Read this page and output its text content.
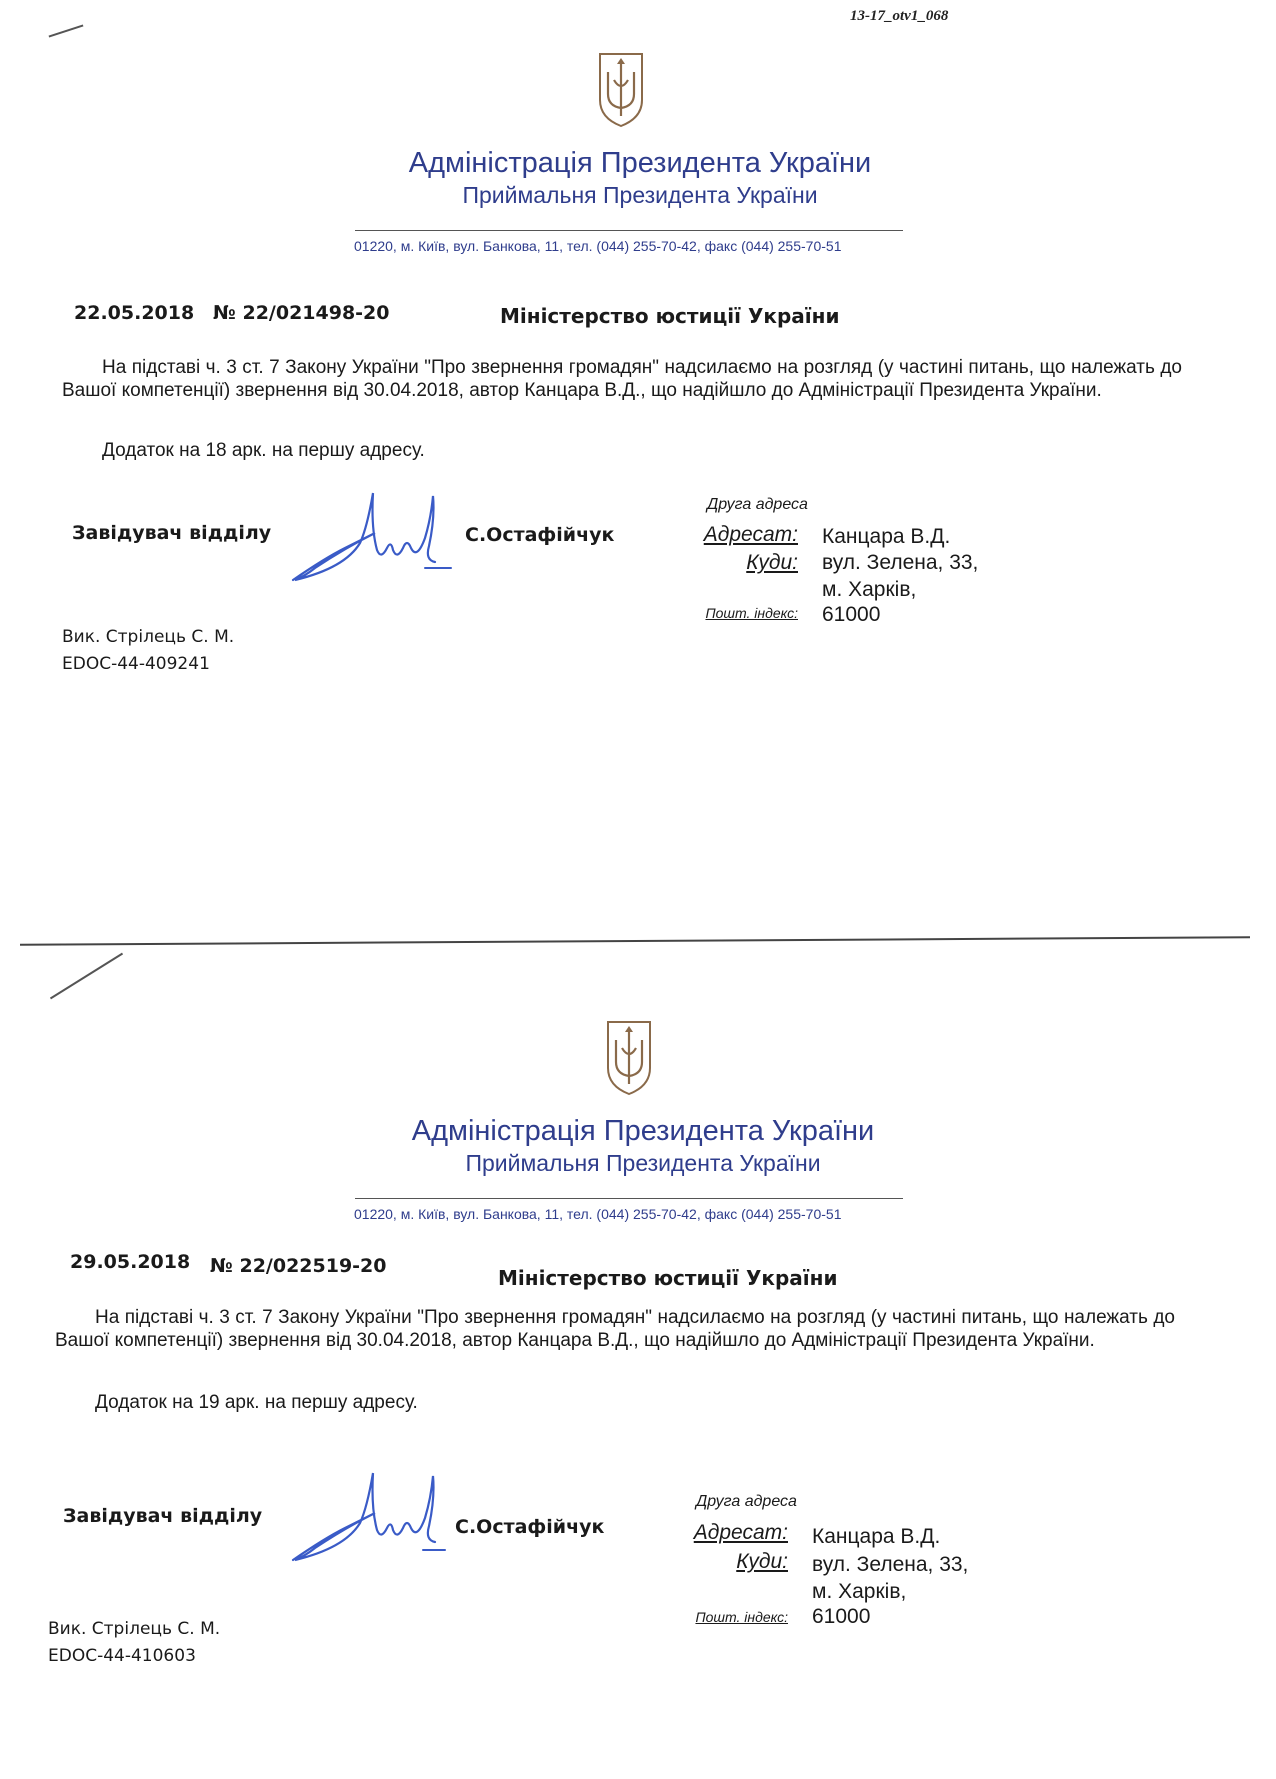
13-17_otv1_068
Адміністрація Президента України
Приймальня Президента України
01220, м. Київ, вул. Банкова, 11, тел. (044) 255-70-42, факс (044) 255-70-51
22.05.2018 № 22/021498-20	Міністерство юстиції України
На підставі ч. 3 ст. 7 Закону України "Про звернення громадян" надсилаємо на розгляд (у частині питань, що належать до Вашої компетенції) звернення від 30.04.2018, автор Канцара В.Д., що надійшло до Адміністрації Президента України.
Додаток на 18 арк. на першу адресу.
Завідувач відділу	С.Остафійчук
Друга адреса
Адресат: Канцара В.Д.
Куди: вул. Зелена, 33,
м. Харків,
Пошт. індекс: 61000
Вик. Стрілець С. М.
EDOC-44-409241
Адміністрація Президента України
Приймальня Президента України
01220, м. Київ, вул. Банкова, 11, тел. (044) 255-70-42, факс (044) 255-70-51
29.05.2018 № 22/022519-20	Міністерство юстиції України
На підставі ч. 3 ст. 7 Закону України "Про звернення громадян" надсилаємо на розгляд (у частині питань, що належать до Вашої компетенції) звернення від 30.04.2018, автор Канцара В.Д., що надійшло до Адміністрації Президента України.
Додаток на 19 арк. на першу адресу.
Завідувач відділу	С.Остафійчук
Друга адреса
Адресат: Канцара В.Д.
Куди: вул. Зелена, 33,
м. Харків,
Пошт. індекс: 61000
Вик. Стрілець С. М.
EDOC-44-410603
